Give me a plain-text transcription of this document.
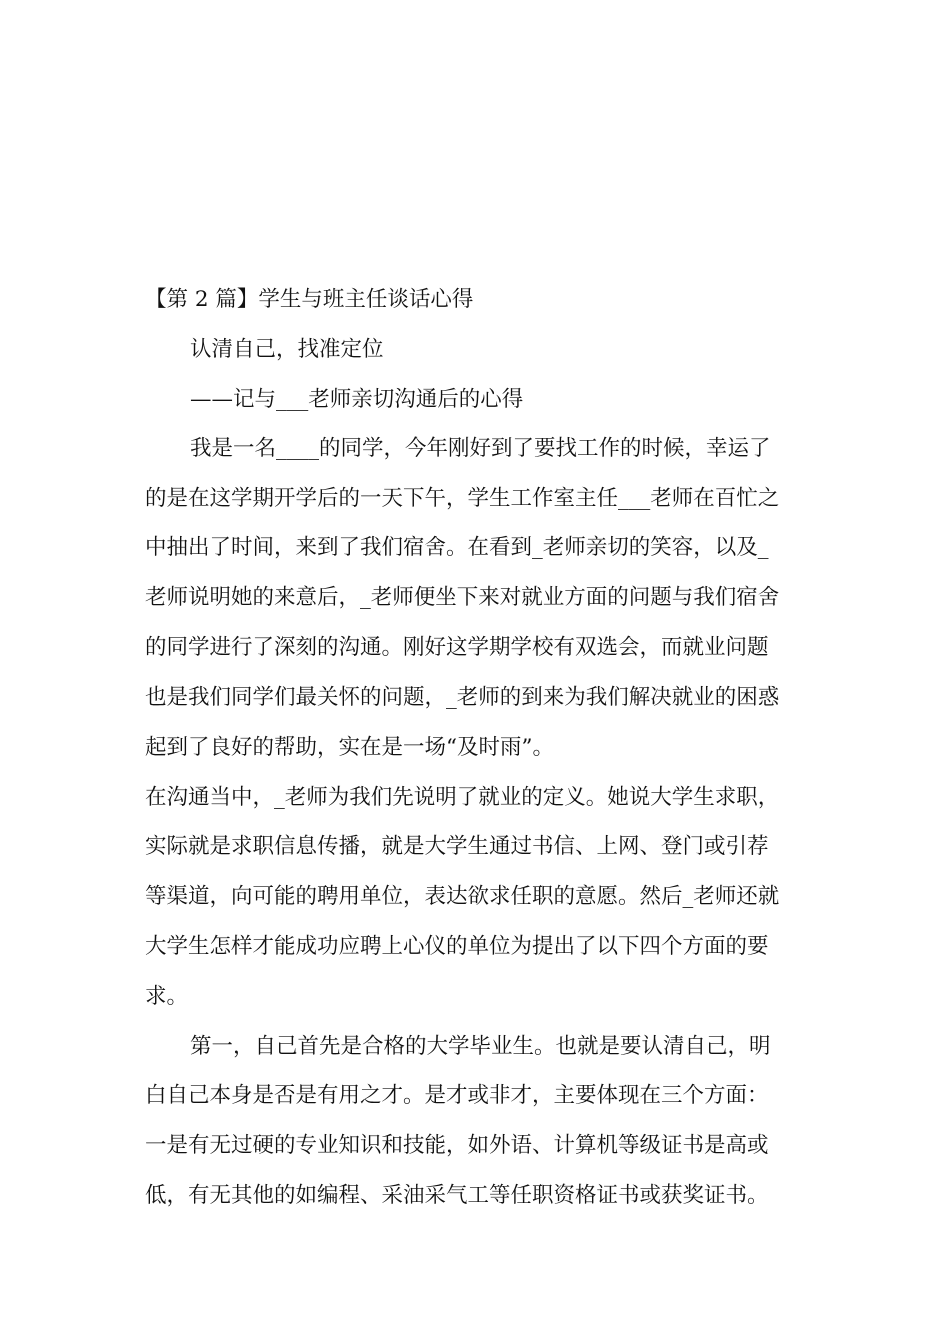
【第 2 篇】学生与班主任谈话心得

认清自己，找准定位

——记与___老师亲切沟通后的心得

我是一名____的同学，今年刚好到了要找工作的时候，幸运了

的是在这学期开学后的一天下午，学生工作室主任___老师在百忙之

中抽出了时间，来到了我们宿舍。在看到_老师亲切的笑容，以及_

老师说明她的来意后，_老师便坐下来对就业方面的问题与我们宿舍

的同学进行了深刻的沟通。刚好这学期学校有双选会，而就业问题

也是我们同学们最关怀的问题，_老师的到来为我们解决就业的困惑

起到了良好的帮助，实在是一场“及时雨”。

在沟通当中，_老师为我们先说明了就业的定义。她说大学生求职，

实际就是求职信息传播，就是大学生通过书信、上网、登门或引荐

等渠道，向可能的聘用单位，表达欲求任职的意愿。然后_老师还就

大学生怎样才能成功应聘上心仪的单位为提出了以下四个方面的要

求。

第一，自己首先是合格的大学毕业生。也就是要认清自己，明

白自己本身是否是有用之才。是才或非才，主要体现在三个方面：

一是有无过硬的专业知识和技能，如外语、计算机等级证书是高或

低，有无其他的如编程、采油采气工等任职资格证书或获奖证书。
